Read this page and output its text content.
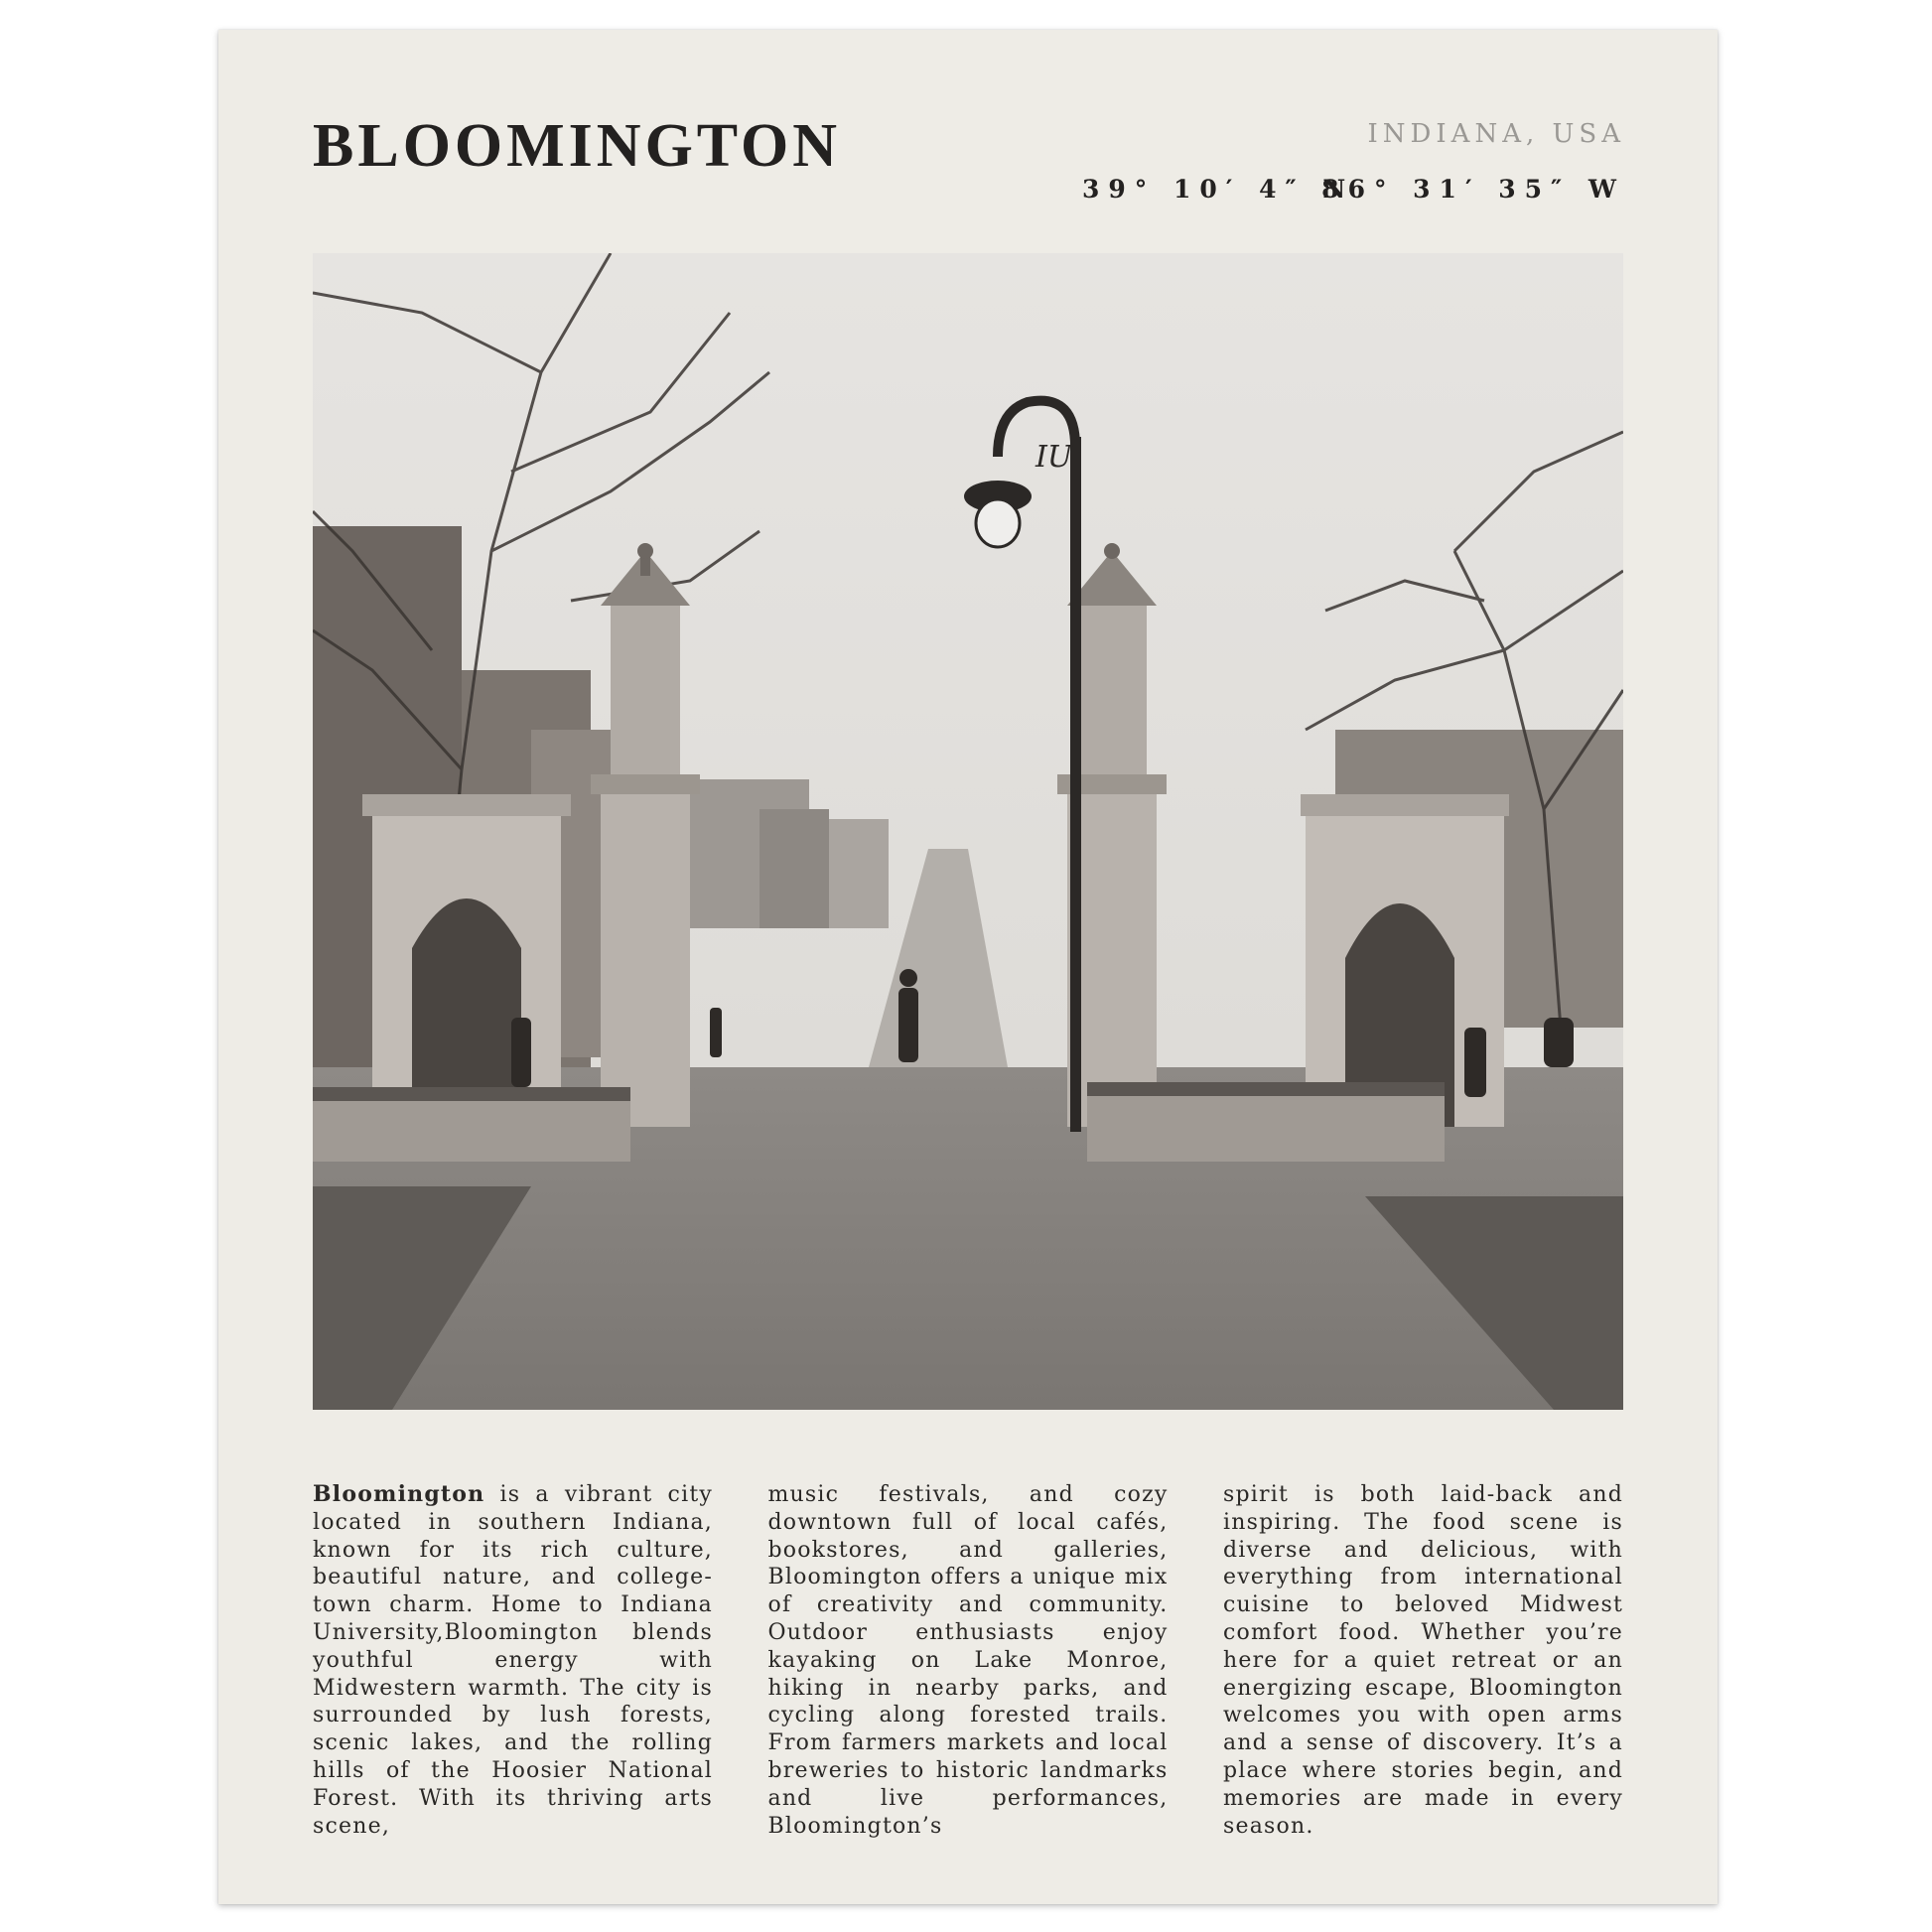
BLOOMINGTON	INDIANA, USA
39° 10′ 4″ N
86° 31′ 35″ W
IU

Bloomington is a vibrant city located in southern Indiana, known for its rich culture, beautiful nature, and college-town charm. Home to Indiana University,Bloomington blends youthful energy with Midwestern warmth. The city is surrounded by lush forests, scenic lakes, and the rolling hills of the Hoosier National Forest. With its thriving arts scene,

music festivals, and cozy downtown full of local cafés, bookstores, and galleries, Bloomington offers a unique mix of creativity and community. Outdoor enthusiasts enjoy kayaking on Lake Monroe, hiking in nearby parks, and cycling along forested trails. From farmers markets and local breweries to historic landmarks and live performances, Bloomington’s

spirit is both laid-back and inspiring. The food scene is diverse and delicious, with everything from international cuisine to beloved Midwest comfort food. Whether you’re here for a quiet retreat or an energizing escape, Bloomington welcomes you with open arms and a sense of discovery. It’s a place where stories begin, and memories are made in every season.
